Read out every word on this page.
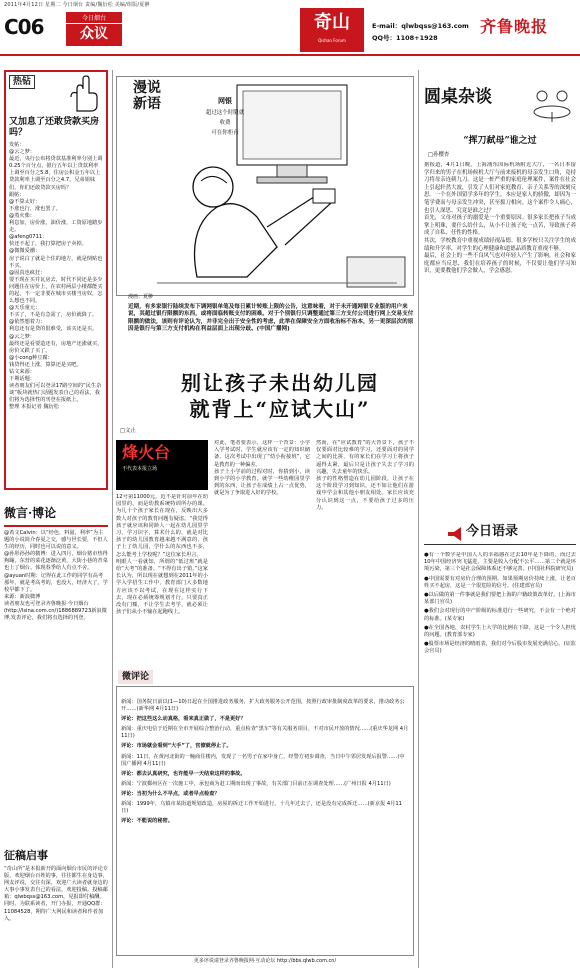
2011年4月12日 星期二 今日烟台 责编/魏衍松 美编/组版/夏翀
C06	今日烟台
众议
奇山
Qishan Forum
E-mail：qlwbqss@163.com
QQ号：1108+1928
齐鲁晚报
热钻
又加息了还敢贷款买房吗？

发帖：

@云之梦：

最近，央行公布将贷款基准利率分别上调0.25个百分点，银行五年以上贷款利率上调至百分之5.8，住房公积金五年以上贷款利率上调至百分之4.7。兄弟姐妹们，你们还敢贷款买房吗？

跟帖：

@不算太好：

不涨也行，涨也罢了。

@蒸火柴：

利息加，房价涨，油价涨，工资原地踏步走。

@afeng0711：

快还不起了，我打算把房子卖掉。

@微微爱潮：

房子说白了就是个住的地方，就是倒贴也不买。

@固真也疯狂：

要不现在买并瓦房去，时代不同还是多少问题住在房价上，在农村两层小楼都能买的起，不一定非要在城市买楼当房奴，怎么想也不同。

@天乐童元：

不买了，不是有急需了，房价就降了。

@依然想着力：

利息还有是贷的很难受，该买还是买。

@云之梦：

最终还是看要造还有，房地产还涨就买，房价又跌了买了。

@小cong种豆腐：

钱贷得还上涨，算算还是买吧。

钻文来源：

下期话题：

读者朋友们可以登录17路空间的“民生杂谈”板块就热门话题发表自己的看法，我们将为选择性的刊登在报纸上。

整理 本报记者 魏衍松

微言·博论

@希文Calvin：以“经色，料滋，利率”为主题的小说简介春夏之交，感与世长要，不但人生的经历，同时也可以说的意义。

@孙彤孙孙的微博：进入四月，烟台猪市热得狗蹦，东营的菜花逐渐泛黄，大街小巷的青菜也上了烟台。体现春季给人有点不舍。

@ayuan时期：记得在此工作的同学有高考那年，就是考高考的，也没大，经济大了，学校早都下了。

来源：新浪微博

读者朋友也可登录齐鲁晚报·今日烟台(http://lsina.com.cn/)1886889723新浪微博,发表评论，我们将有选择的刊登。

征稿启事
“奇山所”是本报新开的面向烟台市民的评论专版，欢迎烟台百姓的事，往往都生在身边事，网友评说，交往有深，欢迎广大读者就身边的大事小事发表自己的看法，欢迎投稿。投稿邮箱：qlwbqss@163.com，见报即付稿酬。同时，为联系读者，开门办报，开通QQ群：11084528，期待广大网民和读者和作者加入。
漫说新语	网银
超过这个时限就
收费
可在你柜台
漫画：夏翀
近期，有多家银行陆续发布下调网银单笔及每日累计转账上限的公告，这意味着，对于未开通网银专业版的用户来说，其超过银行限额的东西，或将面临转账支付的困难。对于个别银行只调整通过第三方支付公司进行网上交易支付限额的做法，该则有评论认为，并非完全出于安全性的考虑，此举在保障安全方面收治标不治本，另一更深层次的原因是银行与第三方支付机构在利益层面上出现分歧。(中国广播网)
别让孩子未出幼儿园
就背上“应试大山”
□文止
烽火台
不代表本报立场

12号第11000元，近不是针对前年在幼园里的，而是幼教系统特训所办的课。为几十个孩子家长在现在，反映出大多数人对孩子的教育问题有疑虑。“我觉得孩子就应该和同龄人一起在幼儿园里学习，学习识字、算术什么的，就是对比孩子的幼儿园教育越来越不满意的，孩子上了幼儿园，学什么的东西也不多，怎么能考上学校呢？”这位家长坦言。

明眼人一看就知，所谓的“低过班”就是给“大考”的准备。“不得有出子错。”这家长认为，所以现在就想到在2011年的小学入学招生工作中，教育部门大多数地方应该不以考试，在现在这样实行下去，现在必须统筹规划才行，只要真正没有门槛，不让学生去考学，就必须让孩子们从小不输在起跑线上。

对此，笔者要表示，这样一个背景：小学入学考试时，学生就应该有一定的知识储备，这次考试中出现了“幼小衔接班”，它是教育的一种偏差。

孩子上小学前的过程对时，你猜到小，读到小学的小学教育。就学一些幼稚园里学到的东西，让孩子在成绩上占一点优势，就是为了争取进入好的学校。

然而，在“应试教育”的大背景下，孩子不仅要面对比较难的学习，还要面对的同学之间的比拼，有的家长们在学习上将孩子逼得太紧，最后只是让孩子失去了学习的兴趣，失去童年的快乐。

孩子的性格塑造在幼儿园阶段，让孩子在这个阶段学习到知识，还不如让他们在游戏中学会和其他小朋友相处。家长应该充分认识到这一点，不要给孩子过多的压力。

新闻：国务院日前以(1—10)日起在全国推进政务服务，扩大政务服务公开范围，按照行政审批制度改革的要求，推动政务公开……(新华网 4月11日)

评论：把这些这么动真格，看来真正做了，不是更好？

新闻：重庆电信于近期在全市开展综合整治行动，重点检查“黑车”等有关服务项目，不对市民开放的情况……(重庆华龙网 4月11日)

评论：市场就会看到“大手”了，官僚就停止了。

新闻：11日，在黄河北街的一幢商住楼内，发现了一名男子在家中身亡，经警方初步调查，当日中午邻居发现后报警……(中国广播网 4月11日)

评论：都去认真研究，也许能早一天结束这样的事故。

新闻：宁波鄞州区在一次施工中，承包商为赶工期而出现了事故，有关部门目前正在调查处理……(广州日报 4月11日)

评论：当初为什么不早点，或者早点检查？

新闻：1999年，乌镇市某街道规划改造，房屋的拆迁工作开始进行，十几年过去了，还是没有完成拆迁……(新京报 4月11日)

评论：不能说的秘密。

微评论
更多评说请登录齐鲁晚报网·互动论坛 http://bbs.qlwb.com.cn/
圆桌杂谈
“挥刀弑母”谁之过
□孙樱杏
据报道，4月1日晚，上海浦东国际机场附近大厅，一名日本留学归来的男子在机场候机大厅与前来接机的母亲发生口角，竟持刀将母亲连刺九刀。这是一桩严重的家庭伦理案件，案件在社会上引起轩然大波，引发了人们对家庭教育、亲子关系等的深刻反思。一个在外国留学多年的学生，本应是家人的骄傲，却因为一笔学费而与母亲发生冲突，甚至拔刀相向。这个案件令人痛心，也引人深思。究竟是谁之过？
首先，父母对孩子的溺爱是一个重要原因。很多家长把孩子当成掌上明珠，要什么给什么，从小不让孩子吃一点苦，导致孩子养成了自私、任性的性格。
其次，学校教育中重视成绩轻视品德。很多学校只关注学生的成绩和升学率，对学生的心理健康和道德品质教育重视不够。
最后，社会上的一些不良风气也对年轻人产生了影响。社会和家庭都应当反思，我们在培养孩子的时候，不仅要让他们学习知识，更要教他们学会做人，学会感恩。
今日语录

●有一个数字是中国人人的幸福感在过去10年是下降的，而过去10年中国经济突飞猛进，主要是收入分配不公平……第二个就是环境污染，第三个是社会保障体系还不够完善。(中国社科院研究员)

●中国需要有对房价合理的预期，如果预期房价持续上涨，让老百姓买不起房，这是一个很危险的信号。(住建部官员)

●以后做的第一件事就是我们要把上海的户籍政策改革好。(上海市某部门官员)

●我们会对现行的中产阶级的标准进行一些研究，不会有一个绝对的标准。(某专家)

●在全国各地，农村学生上大学的比例在下降，这是一个令人担忧的问题。(教育部专家)

●股票市场是经济的晴雨表，我们对今后股市发展充满信心。(证监会官员)
